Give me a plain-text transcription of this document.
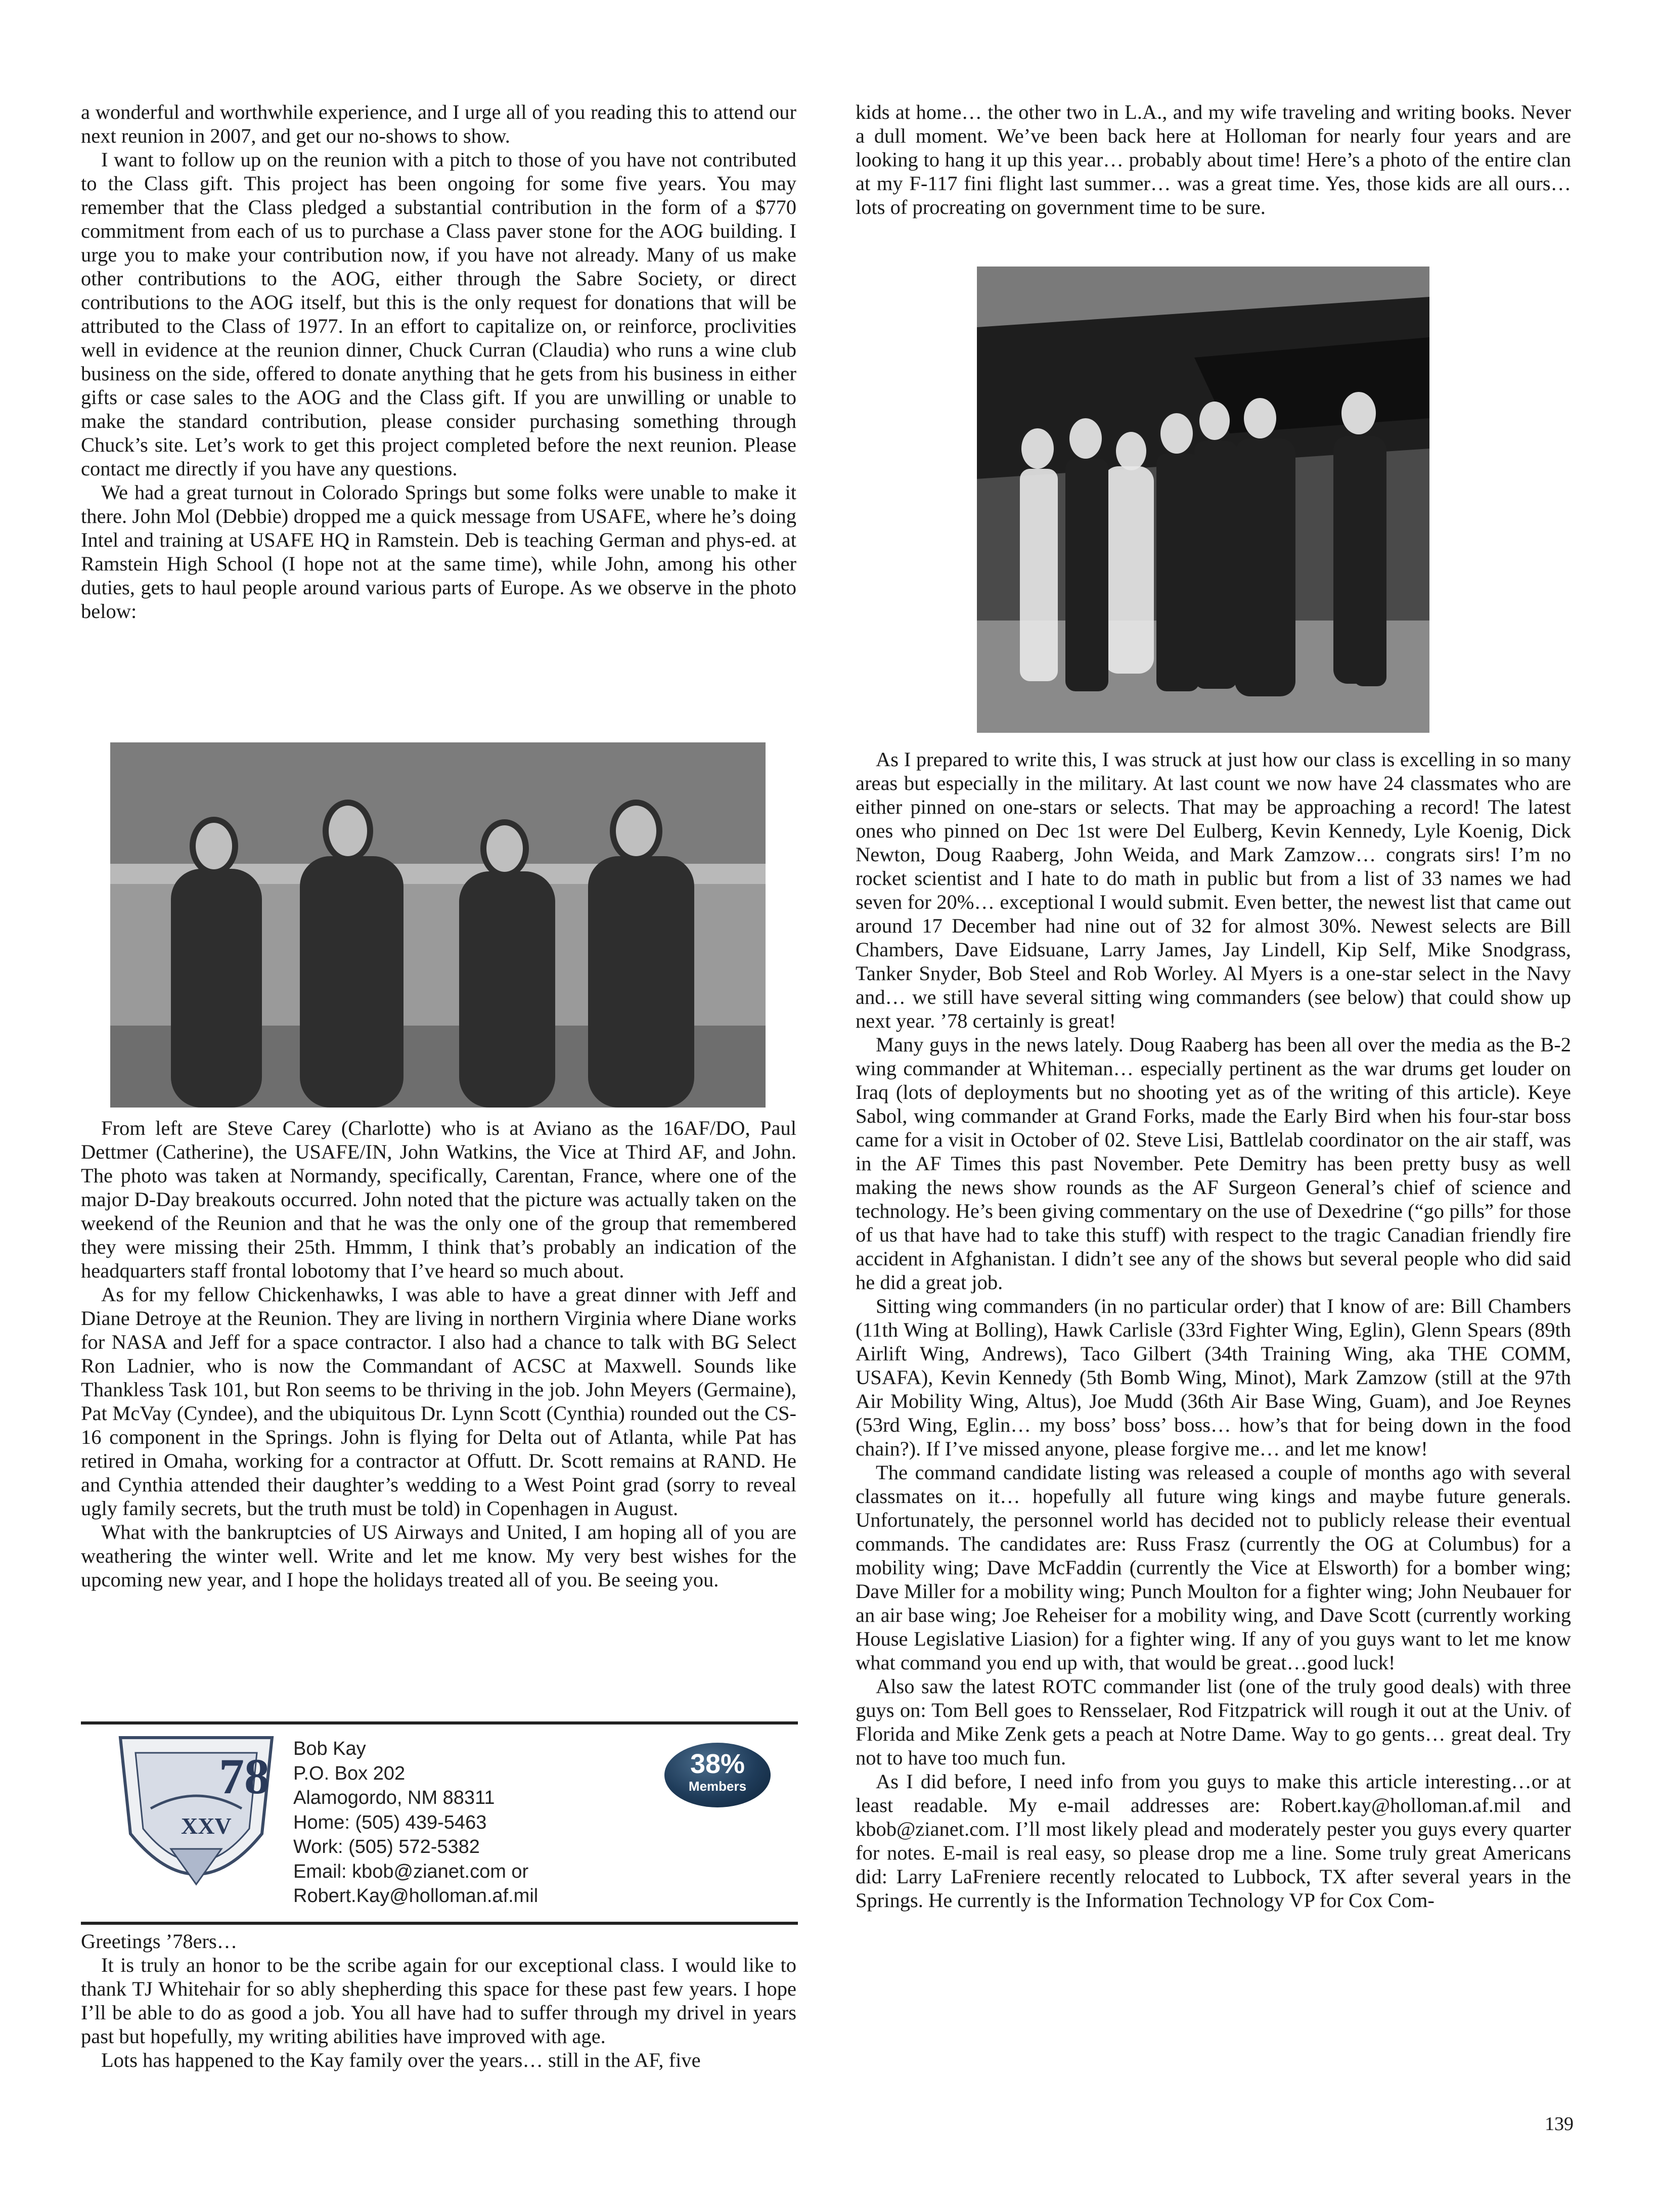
a wonderful and worthwhile experience, and I urge all of you reading this to attend our next reunion in 2007, and get our no-shows to show.

I want to follow up on the reunion with a pitch to those of you have not contributed to the Class gift. This project has been ongoing for some five years. You may remember that the Class pledged a substantial contribution in the form of a $770 commitment from each of us to purchase a Class paver stone for the AOG building. I urge you to make your contribution now, if you have not already. Many of us make other contributions to the AOG, either through the Sabre Society, or direct contributions to the AOG itself, but this is the only request for donations that will be attributed to the Class of 1977. In an effort to capitalize on, or reinforce, proclivities well in evidence at the reunion dinner, Chuck Curran (Claudia) who runs a wine club business on the side, offered to donate anything that he gets from his business in either gifts or case sales to the AOG and the Class gift. If you are unwilling or unable to make the standard contribution, please consider purchasing something through Chuck’s site. Let’s work to get this project completed before the next reunion. Please contact me directly if you have any questions.

We had a great turnout in Colorado Springs but some folks were unable to make it there. John Mol (Debbie) dropped me a quick message from USAFE, where he’s doing Intel and training at USAFE HQ in Ramstein. Deb is teaching German and phys-ed. at Ramstein High School (I hope not at the same time), while John, among his other duties, gets to haul people around various parts of Europe. As we observe in the photo below:

From left are Steve Carey (Charlotte) who is at Aviano as the 16AF/DO, Paul Dettmer (Catherine), the USAFE/IN, John Watkins, the Vice at Third AF, and John. The photo was taken at Normandy, specifically, Carentan, France, where one of the major D-Day breakouts occurred. John noted that the picture was actually taken on the weekend of the Reunion and that he was the only one of the group that remembered they were missing their 25th. Hmmm, I think that’s probably an indication of the headquarters staff frontal lobotomy that I’ve heard so much about.

As for my fellow Chickenhawks, I was able to have a great dinner with Jeff and Diane Detroye at the Reunion. They are living in northern Virginia where Diane works for NASA and Jeff for a space contractor. I also had a chance to talk with BG Select Ron Ladnier, who is now the Commandant of ACSC at Maxwell. Sounds like Thankless Task 101, but Ron seems to be thriving in the job. John Meyers (Germaine), Pat McVay (Cyndee), and the ubiquitous Dr. Lynn Scott (Cynthia) rounded out the CS-16 component in the Springs. John is flying for Delta out of Atlanta, while Pat has retired in Omaha, working for a contractor at Offutt. Dr. Scott remains at RAND. He and Cynthia attended their daughter’s wedding to a West Point grad (sorry to reveal ugly family secrets, but the truth must be told) in Copenhagen in August.

What with the bankruptcies of US Airways and United, I am hoping all of you are weathering the winter well. Write and let me know. My very best wishes for the upcoming new year, and I hope the holidays treated all of you. Be seeing you.

78
XXV
Bob Kay
P.O. Box 202
Alamogordo, NM 88311
Home: (505) 439-5463
Work: (505) 572-5382
Email: kbob@zianet.com or
Robert.Kay@holloman.af.mil
38%
Members

Greetings ’78ers…

It is truly an honor to be the scribe again for our exceptional class. I would like to thank TJ Whitehair for so ably shepherding this space for these past few years. I hope I’ll be able to do as good a job. You all have had to suffer through my drivel in years past but hopefully, my writing abilities have improved with age.

Lots has happened to the Kay family over the years… still in the AF, five

kids at home… the other two in L.A., and my wife traveling and writing books. Never a dull moment. We’ve been back here at Holloman for nearly four years and are looking to hang it up this year… probably about time! Here’s a photo of the entire clan at my F-117 fini flight last summer… was a great time. Yes, those kids are all ours… lots of procreating on government time to be sure.

As I prepared to write this, I was struck at just how our class is excelling in so many areas but especially in the military. At last count we now have 24 classmates who are either pinned on one-stars or selects. That may be approaching a record! The latest ones who pinned on Dec 1st were Del Eulberg, Kevin Kennedy, Lyle Koenig, Dick Newton, Doug Raaberg, John Weida, and Mark Zamzow… congrats sirs! I’m no rocket scientist and I hate to do math in public but from a list of 33 names we had seven for 20%… exceptional I would submit. Even better, the newest list that came out around 17 December had nine out of 32 for almost 30%. Newest selects are Bill Chambers, Dave Eidsuane, Larry James, Jay Lindell, Kip Self, Mike Snodgrass, Tanker Snyder, Bob Steel and Rob Worley. Al Myers is a one-star select in the Navy and… we still have several sitting wing commanders (see below) that could show up next year. ’78 certainly is great!

Many guys in the news lately. Doug Raaberg has been all over the media as the B-2 wing commander at Whiteman… especially pertinent as the war drums get louder on Iraq (lots of deployments but no shooting yet as of the writing of this article). Keye Sabol, wing commander at Grand Forks, made the Early Bird when his four-star boss came for a visit in October of 02. Steve Lisi, Battlelab coordinator on the air staff, was in the AF Times this past November. Pete Demitry has been pretty busy as well making the news show rounds as the AF Surgeon General’s chief of science and technology. He’s been giving commentary on the use of Dexedrine (“go pills” for those of us that have had to take this stuff) with respect to the tragic Canadian friendly fire accident in Afghanistan. I didn’t see any of the shows but several people who did said he did a great job.

Sitting wing commanders (in no particular order) that I know of are: Bill Chambers (11th Wing at Bolling), Hawk Carlisle (33rd Fighter Wing, Eglin), Glenn Spears (89th Airlift Wing, Andrews), Taco Gilbert (34th Training Wing, aka THE COMM, USAFA), Kevin Kennedy (5th Bomb Wing, Minot), Mark Zamzow (still at the 97th Air Mobility Wing, Altus), Joe Mudd (36th Air Base Wing, Guam), and Joe Reynes (53rd Wing, Eglin… my boss’ boss’ boss… how’s that for being down in the food chain?). If I’ve missed anyone, please forgive me… and let me know!

The command candidate listing was released a couple of months ago with several classmates on it… hopefully all future wing kings and maybe future generals. Unfortunately, the personnel world has decided not to publicly release their eventual commands. The candidates are: Russ Frasz (currently the OG at Columbus) for a mobility wing; Dave McFaddin (currently the Vice at Elsworth) for a bomber wing; Dave Miller for a mobility wing; Punch Moulton for a fighter wing; John Neubauer for an air base wing; Joe Reheiser for a mobility wing, and Dave Scott (currently working House Legislative Liasion) for a fighter wing. If any of you guys want to let me know what command you end up with, that would be great…good luck!

Also saw the latest ROTC commander list (one of the truly good deals) with three guys on: Tom Bell goes to Rensselaer, Rod Fitzpatrick will rough it out at the Univ. of Florida and Mike Zenk gets a peach at Notre Dame. Way to go gents… great deal. Try not to have too much fun.

As I did before, I need info from you guys to make this article interesting…or at least readable. My e-mail addresses are: Robert.kay@holloman.af.mil and kbob@zianet.com. I’ll most likely plead and moderately pester you guys every quarter for notes. E-mail is real easy, so please drop me a line. Some truly great Americans did: Larry LaFreniere recently relocated to Lubbock, TX after several years in the Springs. He currently is the Information Technology VP for Cox Com-

139
